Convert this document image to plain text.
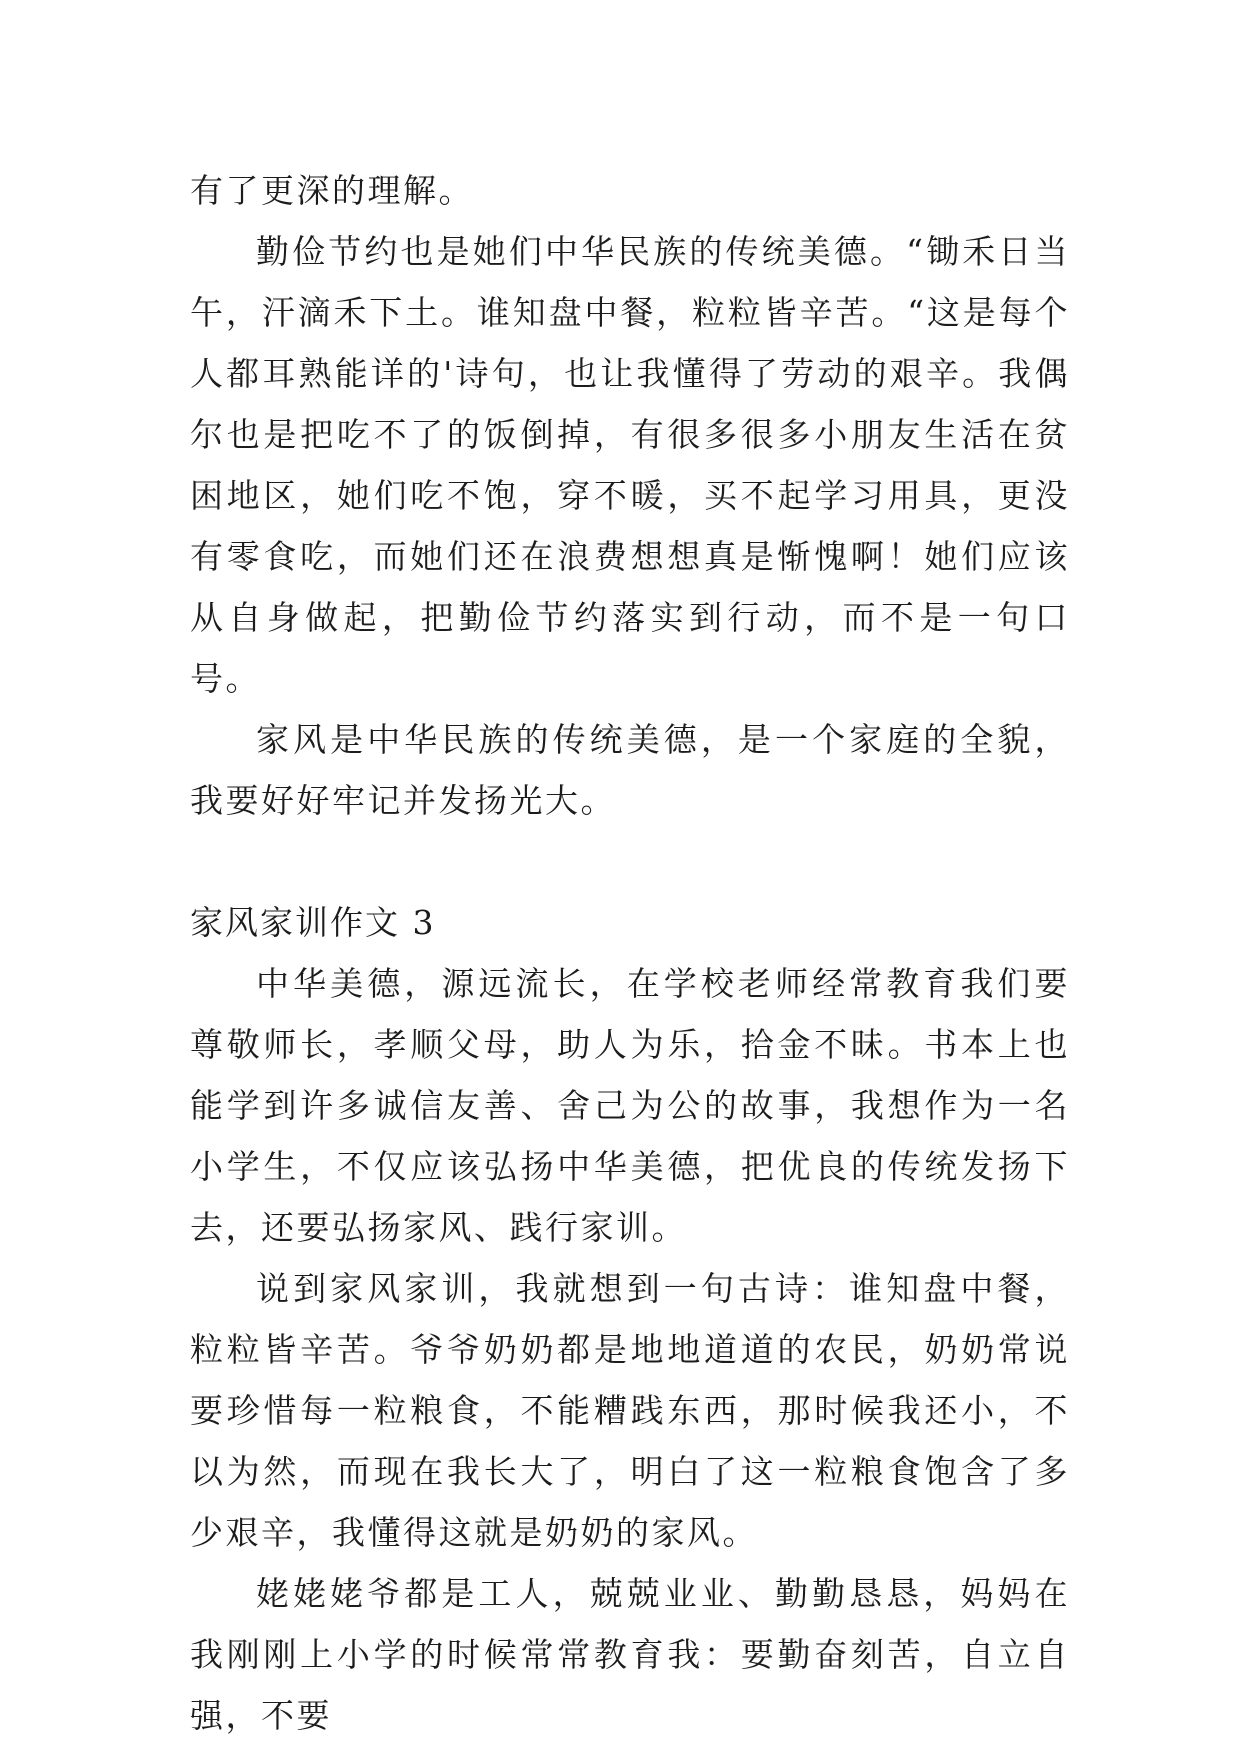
有了更深的理解。

勤俭节约也是她们中华民族的传统美德。“锄禾日当午，汗滴禾下土。谁知盘中餐，粒粒皆辛苦。“这是每个人都耳熟能详的'诗句，也让我懂得了劳动的艰辛。我偶尔也是把吃不了的饭倒掉，有很多很多小朋友生活在贫困地区，她们吃不饱，穿不暖，买不起学习用具，更没有零食吃，而她们还在浪费想想真是惭愧啊！她们应该从自身做起，把勤俭节约落实到行动，而不是一句口号。

家风是中华民族的传统美德，是一个家庭的全貌，我要好好牢记并发扬光大。

家风家训作文 3

中华美德，源远流长，在学校老师经常教育我们要尊敬师长，孝顺父母，助人为乐，拾金不昧。书本上也能学到许多诚信友善、舍己为公的故事，我想作为一名小学生，不仅应该弘扬中华美德，把优良的传统发扬下去，还要弘扬家风、践行家训。

说到家风家训，我就想到一句古诗：谁知盘中餐，粒粒皆辛苦。爷爷奶奶都是地地道道的农民，奶奶常说要珍惜每一粒粮食，不能糟践东西，那时候我还小，不以为然，而现在我长大了，明白了这一粒粮食饱含了多少艰辛，我懂得这就是奶奶的家风。

姥姥姥爷都是工人，兢兢业业、勤勤恳恳，妈妈在我刚刚上小学的时候常常教育我：要勤奋刻苦，自立自强，不要
